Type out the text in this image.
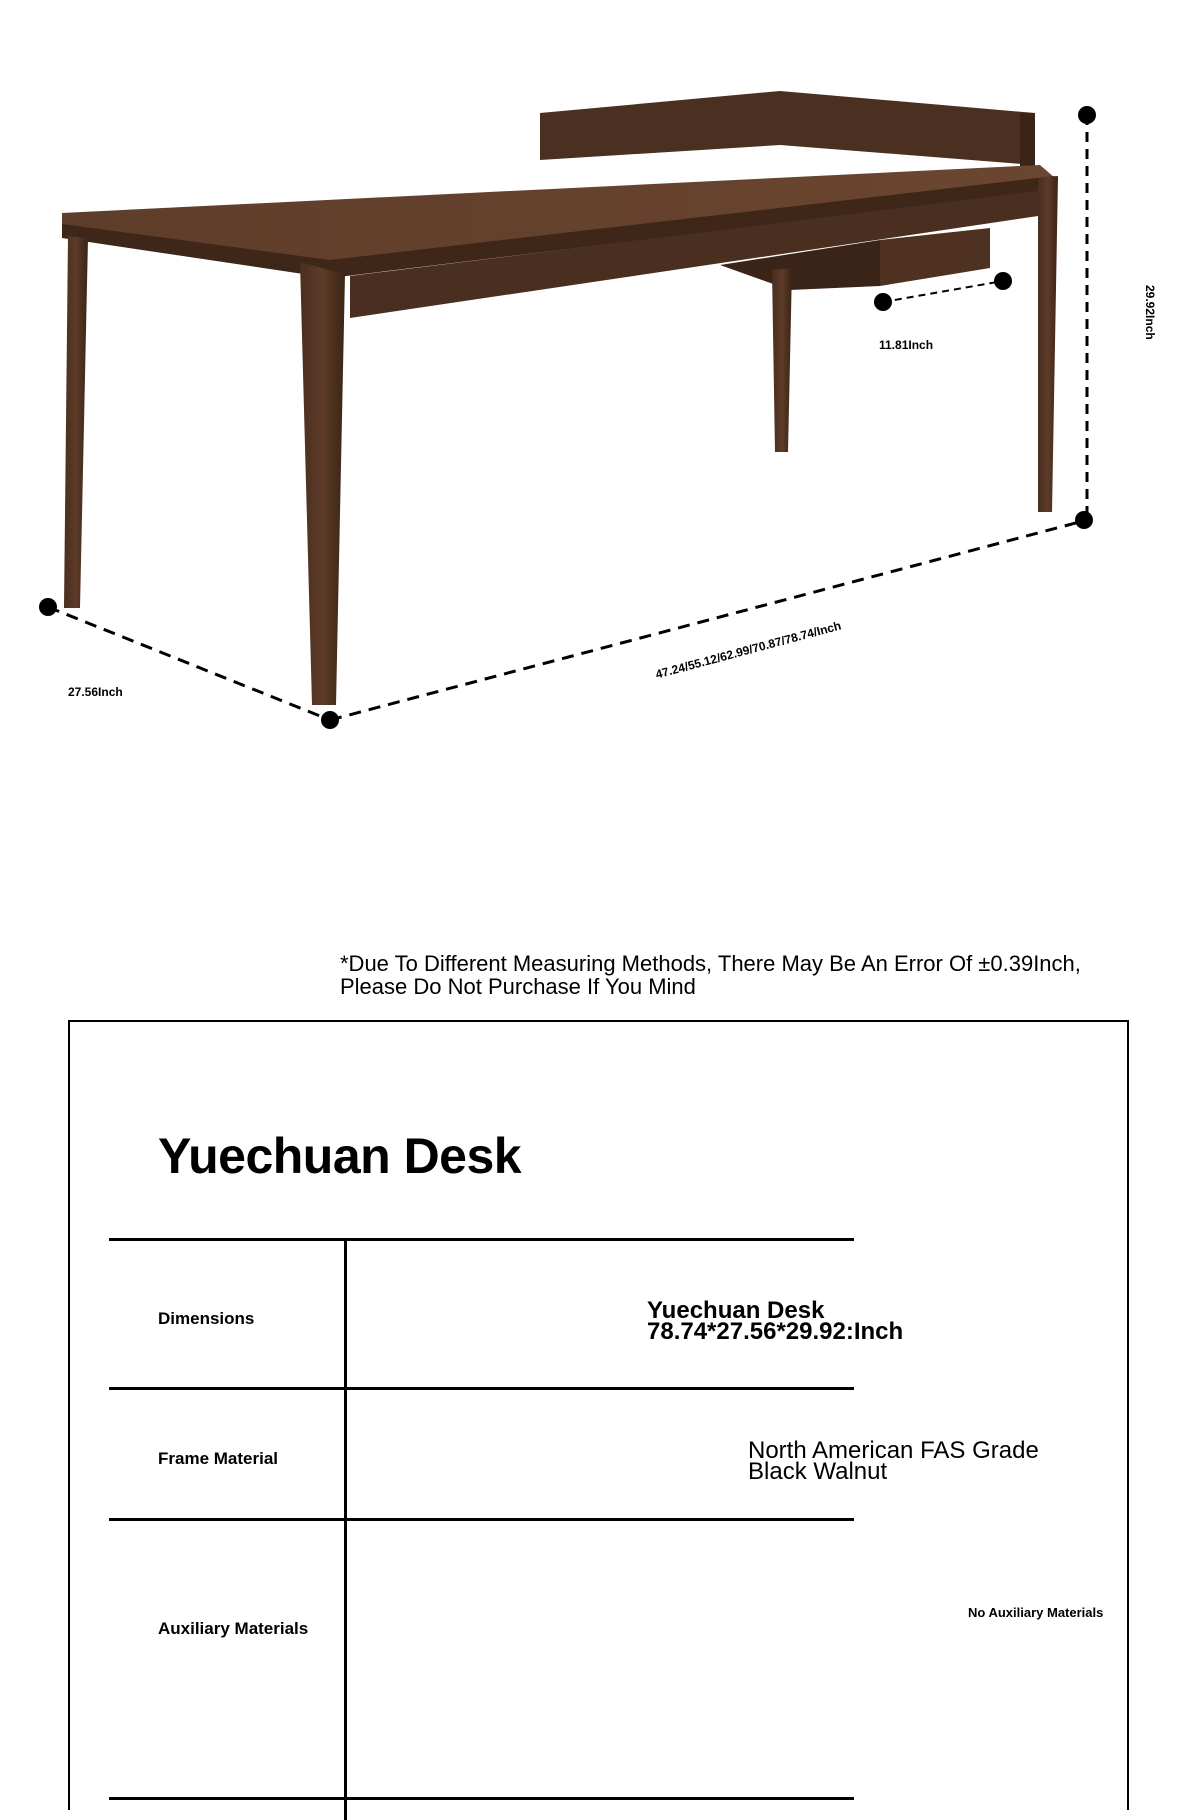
11.81Inch
29.92Inch
27.56Inch
47.24/55.12/62.99/70.87/78.74/Inch
*Due To Different Measuring Methods, There May Be An Error Of ±0.39Inch,
Please Do Not Purchase If You Mind
Yuechuan Desk
Dimensions	Yuechuan Desk
78.74*27.56*29.92:Inch
Frame Material	North American FAS Grade
Black Walnut
Auxiliary Materials
No Auxiliary Materials
